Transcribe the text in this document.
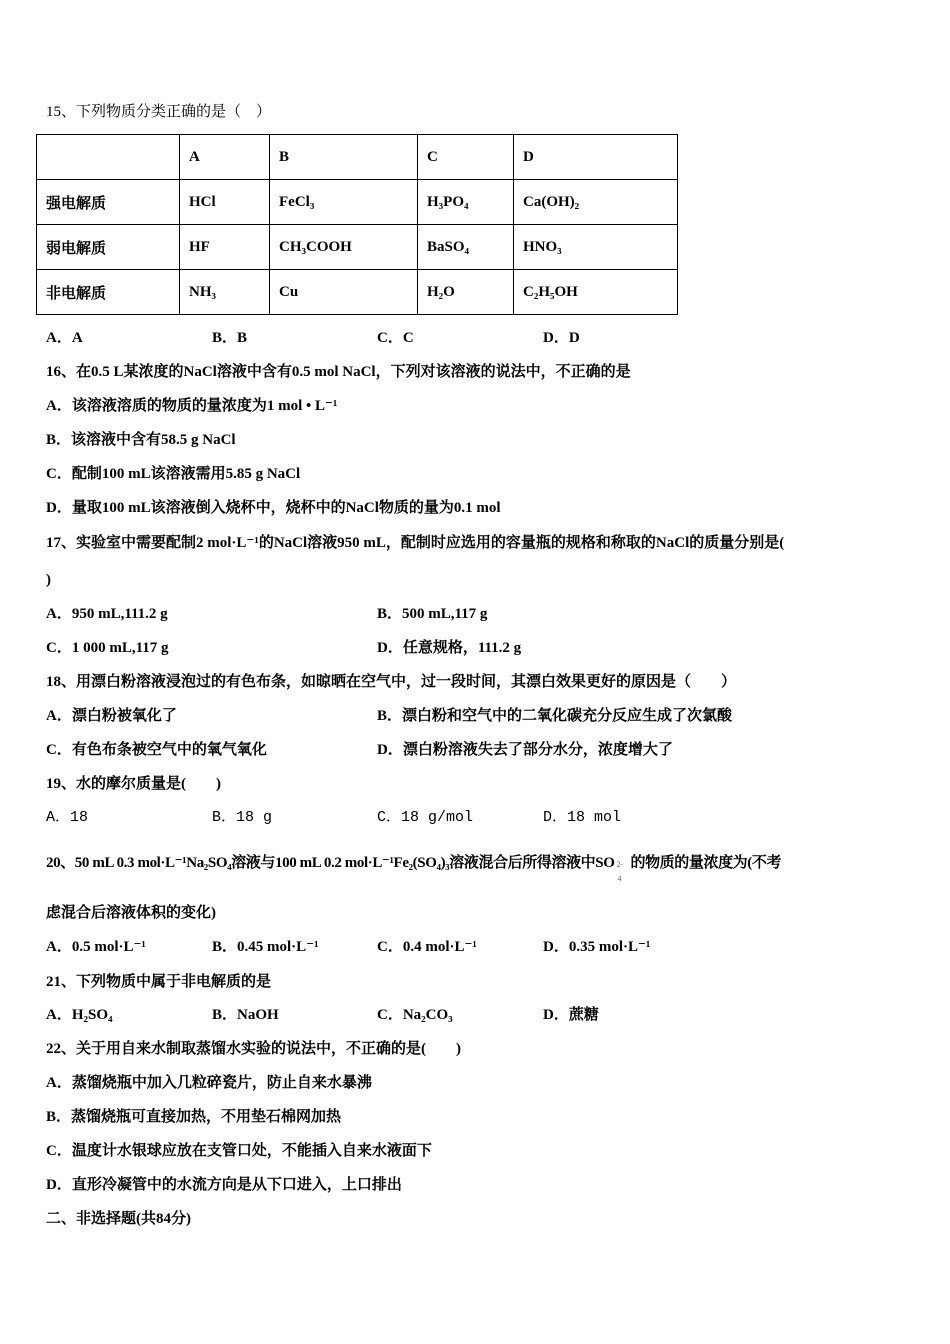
15、下列物质分类正确的是（　）
	A	B	C	D
强电解质	HCl	FeCl₃	H₃PO₄	Ca(OH)₂
弱电解质	HF	CH₃COOH	BaSO₄	HNO₃
非电解质	NH₃	Cu	H₂O	C₂H₅OH
A．A	B．B	C．C	D．D
16、在0.5 L某浓度的NaCl溶液中含有0.5 mol NaCl，下列对该溶液的说法中，不正确的是
A．该溶液溶质的物质的量浓度为1 mol • L⁻¹
B．该溶液中含有58.5 g NaCl
C．配制100 mL该溶液需用5.85 g NaCl
D．量取100 mL该溶液倒入烧杯中，烧杯中的NaCl物质的量为0.1 mol
17、实验室中需要配制2 mol·L⁻¹的NaCl溶液950 mL，配制时应选用的容量瓶的规格和称取的NaCl的质量分别是(
)
A．950 mL,111.2 g	B．500 mL,117 g
C．1 000 mL,117 g	D．任意规格，111.2 g
18、用漂白粉溶液浸泡过的有色布条，如晾晒在空气中，过一段时间，其漂白效果更好的原因是（　　）
A．漂白粉被氧化了	B．漂白粉和空气中的二氧化碳充分反应生成了次氯酸
C．有色布条被空气中的氧气氧化	D．漂白粉溶液失去了部分水分，浓度增大了
19、水的摩尔质量是(　　)
A．18	B．18 g	C．18 g/mol	D．18 mol
20、50 mL 0.3 mol·L⁻¹Na₂SO₄溶液与100 mL 0.2 mol·L⁻¹Fe₂(SO₄)₃溶液混合后所得溶液中SO 2-
4
的物质的量浓度为(不考
虑混合后溶液体积的变化)
A．0.5 mol·L⁻¹	B．0.45 mol·L⁻¹	C．0.4 mol·L⁻¹	D．0.35 mol·L⁻¹
21、下列物质中属于非电解质的是
A．H₂SO₄	B．NaOH	C．Na₂CO₃	D．蔗糖
22、关于用自来水制取蒸馏水实验的说法中，不正确的是(　　)
A．蒸馏烧瓶中加入几粒碎瓷片，防止自来水暴沸
B．蒸馏烧瓶可直接加热，不用垫石棉网加热
C．温度计水银球应放在支管口处，不能插入自来水液面下
D．直形冷凝管中的水流方向是从下口进入，上口排出
二、非选择题(共84分)
